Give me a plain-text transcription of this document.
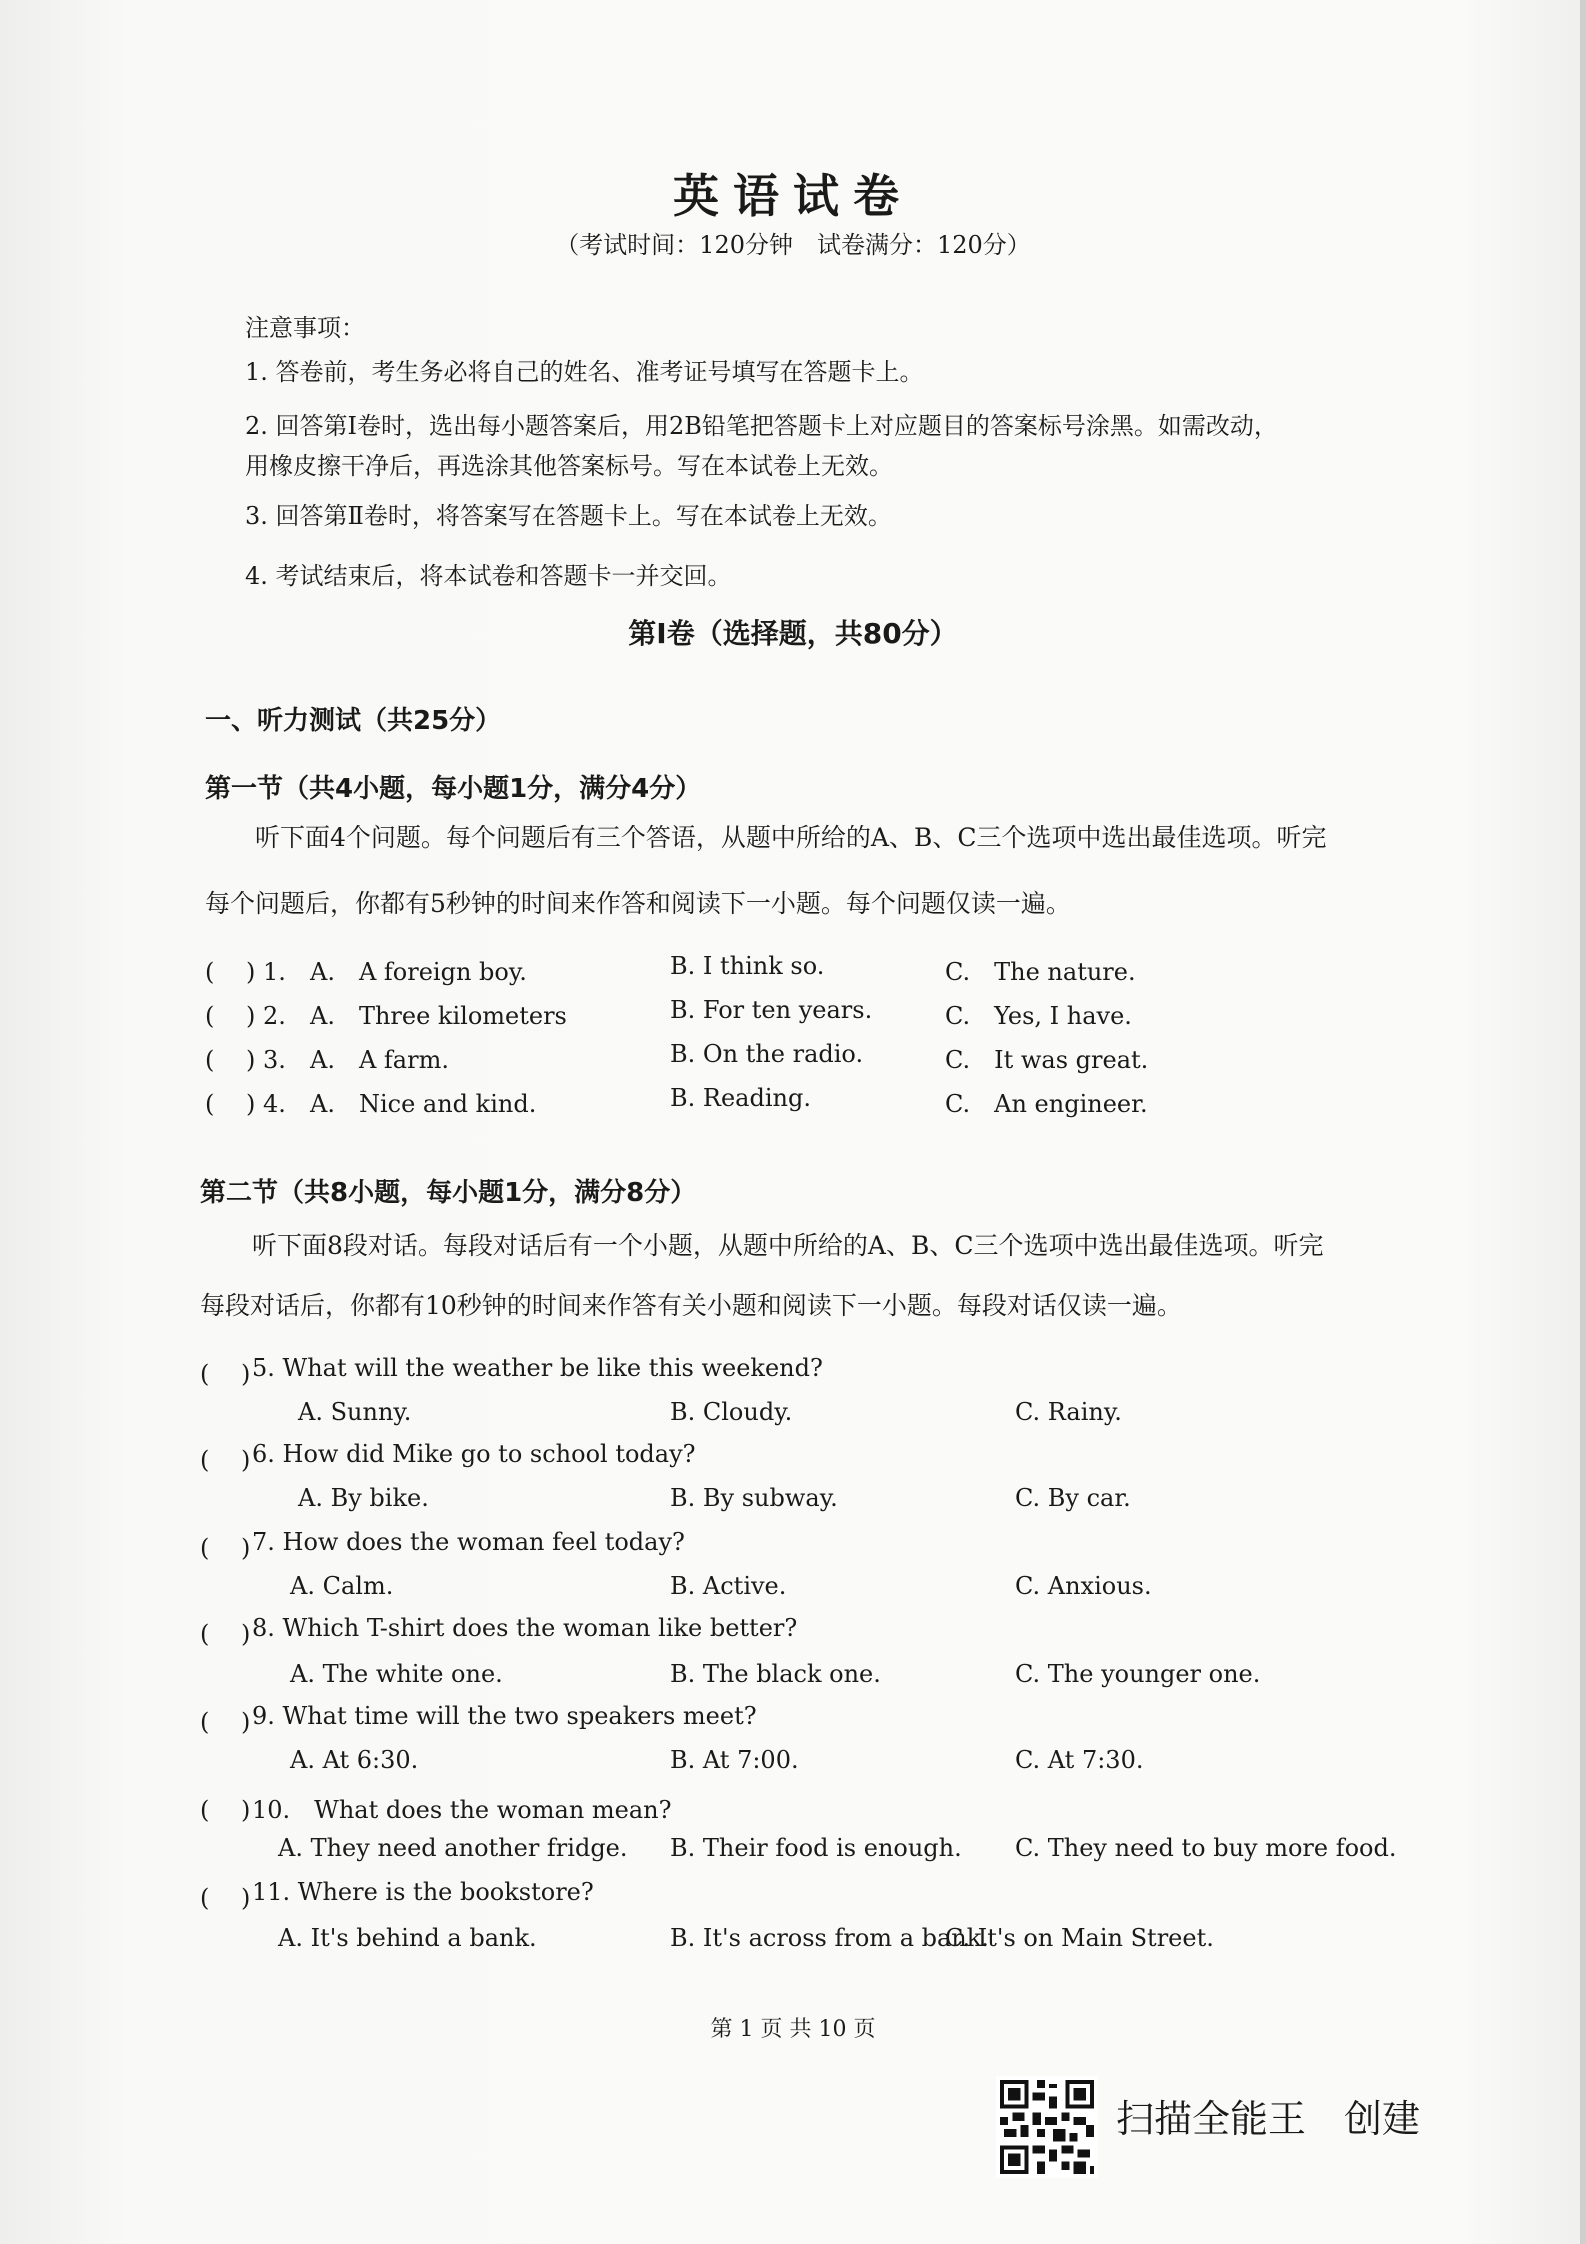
英语试卷
（考试时间：120分钟　试卷满分：120分）
注意事项：
1. 答卷前，考生务必将自己的姓名、准考证号填写在答题卡上。
2. 回答第Ⅰ卷时，选出每小题答案后，用2B铅笔把答题卡上对应题目的答案标号涂黑。如需改动，
用橡皮擦干净后，再选涂其他答案标号。写在本试卷上无效。
3. 回答第Ⅱ卷时，将答案写在答题卡上。写在本试卷上无效。
4. 考试结束后，将本试卷和答题卡一并交回。
第Ⅰ卷（选择题，共80分）
一、听力测试（共25分）
第一节（共4小题，每小题1分，满分4分）
听下面4个问题。每个问题后有三个答语，从题中所给的A、B、C三个选项中选出最佳选项。听完
每个问题后，你都有5秒钟的时间来作答和阅读下一小题。每个问题仅读一遍。
(　 ) 1. A.　A foreign boy.	B. I think so.	C.　The nature.
(　 ) 2. A.　Three kilometers	B. For ten years.	C.　Yes, I have.
(　 ) 3. A.　A farm.	B. On the radio.	C.　It was great.
(　 ) 4. A.　Nice and kind.	B. Reading.	C.　An engineer.
第二节（共8小题，每小题1分，满分8分）
听下面8段对话。每段对话后有一个小题，从题中所给的A、B、C三个选项中选出最佳选项。听完
每段对话后，你都有10秒钟的时间来作答有关小题和阅读下一小题。每段对话仅读一遍。
(　 ) 5. What will the weather be like this weekend?
A. Sunny.	B. Cloudy.	C. Rainy.
(　 ) 6. How did Mike go to school today?
A. By bike.	B. By subway.	C. By car.
(　 ) 7. How does the woman feel today?
A. Calm.	B. Active.	C. Anxious.
(　 ) 8. Which T-shirt does the woman like better?
A. The white one.	B. The black one.	C. The younger one.
(　 ) 9. What time will the two speakers meet?
A. At 6:30.	B. At 7:00.	C. At 7:30.
(　 ) 10.　What does the woman mean?
A. They need another fridge. B. Their food is enough. C. They need to buy more food.
(　 ) 11. Where is the bookstore?
A. It's behind a bank.	B. It's across from a bank.
C. It's on Main Street.
第 1 页 共 10 页
扫描全能王　创建
